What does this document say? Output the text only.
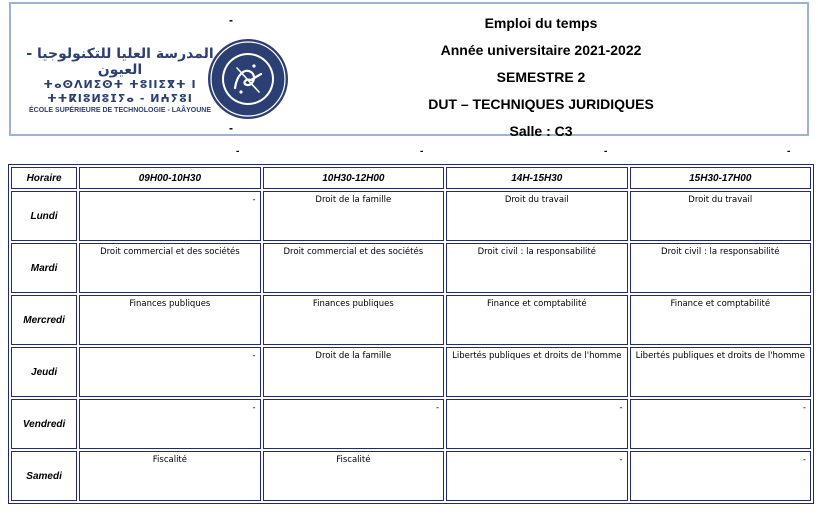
-
-
المدرسة العليا للتكنولوجيا - العيون
ⵜⴰⵙⴷⵍⵉⵙⵜ ⵜⵓⵏⵏⵉⴳⵜ ⵏ ⵜⵜⴽⵏⵓⵍⵓⵊⵢⴰ - ⵍⵄⵢⵓⵏ
ÉCOLE SUPÉRIEURE DE TECHNOLOGIE - LAÂYOUNE
Emploi du temps
Année universitaire 2021-2022
SEMESTRE 2
DUT – TECHNIQUES JURIDIQUES
Salle : C3
-	-	-	-
Horaire	09H00-10H30	10H30-12H00	14H-15H30	15H30-17H00
Lundi	-	Droit de la famille	Droit du travail	Droit du travail
Mardi	Droit commercial et des sociétés	Droit commercial et des sociétés	Droit civil : la responsabilité	Droit civil : la responsabilité
Mercredi	Finances publiques	Finances publiques	Finance et comptabilité	Finance et comptabilité
Jeudi	-	Droit de la famille	Libertés publiques et droits de l'homme	Libertés publiques et droits de l'homme
Vendredi	-	-	-	-
Samedi	Fiscalité	Fiscalité	-	-
